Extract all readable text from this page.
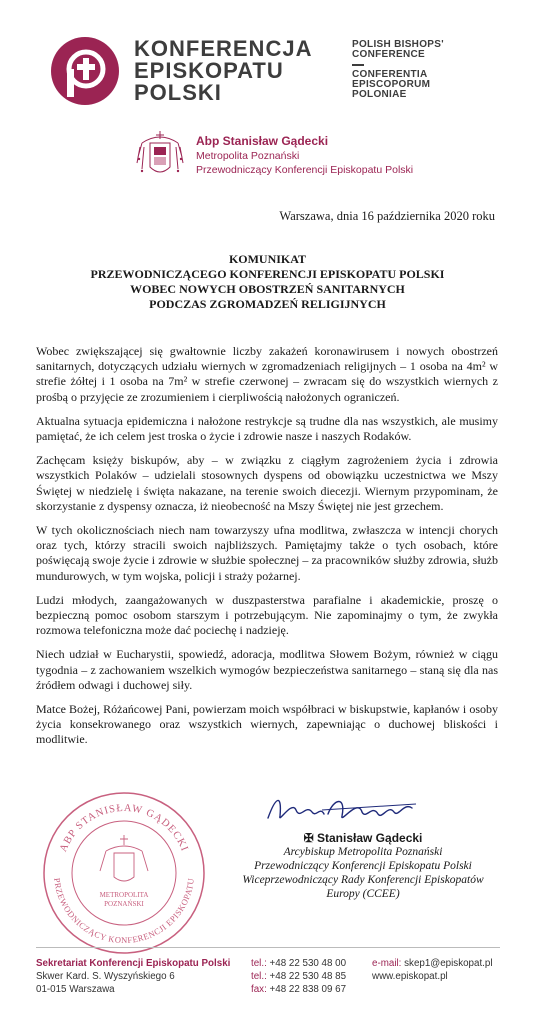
KONFERENCJA
EPISKOPATU
POLSKI
POLISH BISHOPS'
CONFERENCE
CONFERENTIA
EPISCOPORUM
POLONIAE
Abp Stanisław Gądecki
Metropolita Poznański
Przewodniczący Konferencji Episkopatu Polski
Warszawa, dnia 16 października 2020 roku
KOMUNIKAT
PRZEWODNICZĄCEGO KONFERENCJI EPISKOPATU POLSKI
WOBEC NOWYCH OBOSTRZEŃ SANITARNYCH
PODCZAS ZGROMADZEŃ RELIGIJNYCH

Wobec zwiększającej się gwałtownie liczby zakażeń koronawirusem i nowych obostrzeń sanitarnych, dotyczących udziału wiernych w zgromadzeniach religijnych – 1 osoba na 4m² w strefie żółtej i 1 osoba na 7m² w strefie czerwonej – zwracam się do wszystkich wiernych z prośbą o przyjęcie ze zrozumieniem i cierpliwością nałożonych ograniczeń.

Aktualna sytuacja epidemiczna i nałożone restrykcje są trudne dla nas wszystkich, ale musimy pamiętać, że ich celem jest troska o życie i zdrowie nasze i naszych Rodaków.

Zachęcam księży biskupów, aby – w związku z ciągłym zagrożeniem życia i zdrowia wszystkich Polaków – udzielali stosownych dyspens od obowiązku uczestnictwa we Mszy Świętej w niedzielę i święta nakazane, na terenie swoich diecezji. Wiernym przypominam, że skorzystanie z dyspensy oznacza, iż nieobecność na Mszy Świętej nie jest grzechem.

W tych okolicznościach niech nam towarzyszy ufna modlitwa, zwłaszcza w intencji chorych oraz tych, którzy stracili swoich najbliższych. Pamiętajmy także o tych osobach, które poświęcają swoje życie i zdrowie w służbie społecznej – za pracowników służby zdrowia, służb mundurowych, w tym wojska, policji i straży pożarnej.

Ludzi młodych, zaangażowanych w duszpasterstwa parafialne i akademickie, proszę o bezpieczną pomoc osobom starszym i potrzebującym. Nie zapominajmy o tym, że zwykła rozmowa telefoniczna może dać pociechę i nadzieję.

Niech udział w Eucharystii, spowiedź, adoracja, modlitwa Słowem Bożym, również w ciągu tygodnia – z zachowaniem wszelkich wymogów bezpieczeństwa sanitarnego – staną się dla nas źródłem odwagi i duchowej siły.

Matce Bożej, Różańcowej Pani, powierzam moich współbraci w biskupstwie, kapłanów i osoby życia konsekrowanego oraz wszystkich wiernych, zapewniając o duchowej bliskości i modlitwie.

ABP STANISŁAW GĄDECKI
PRZEWODNICZĄCY KONFERENCJI EPISKOPATU
METROPOLITA
POZNAŃSKI
✠ Stanisław Gądecki
Arcybiskup Metropolita Poznański
Przewodniczący Konferencji Episkopatu Polski
Wiceprzewodniczący Rady Konferencji Episkopatów
Europy (CCEE)
Sekretariat Konferencji Episkopatu Polski
Skwer Kard. S. Wyszyńskiego 6
01-015 Warszawa
tel.: +48 22 530 48 00
tel.: +48 22 530 48 85
fax: +48 22 838 09 67
e-mail: skep1@episkopat.pl
www.episkopat.pl
